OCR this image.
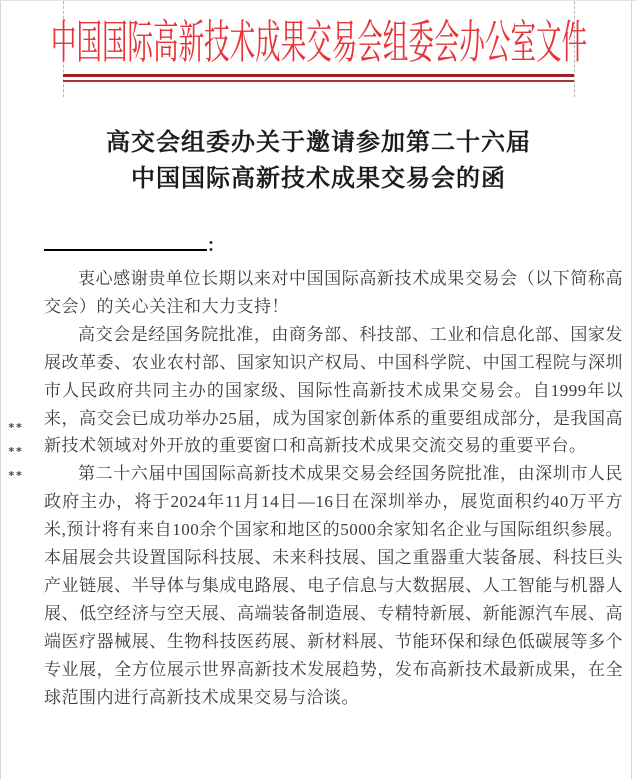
中国国际高新技术成果交易会组委会办公室文件
高交会组委办关于邀请参加第二十六届
中国国际高新技术成果交易会的函
：

衷心感谢贵单位长期以来对中国国际高新技术成果交易会（以下简称高交会）的关心关注和大力支持！

高交会是经国务院批准，由商务部、科技部、工业和信息化部、国家发展改革委、农业农村部、国家知识产权局、中国科学院、中国工程院与深圳市人民政府共同主办的国家级、国际性高新技术成果交易会。自1999年以来，高交会已成功举办25届，成为国家创新体系的重要组成部分，是我国高新技术领域对外开放的重要窗口和高新技术成果交流交易的重要平台。

第二十六届中国国际高新技术成果交易会经国务院批准，由深圳市人民政府主办，将于2024年11月14日—16日在深圳举办，展览面积约40万平方米,预计将有来自100余个国家和地区的5000余家知名企业与国际组织参展。本届展会共设置国际科技展、未来科技展、国之重器重大装备展、科技巨头产业链展、半导体与集成电路展、电子信息与大数据展、人工智能与机器人展、低空经济与空天展、高端装备制造展、专精特新展、新能源汽车展、高端医疗器械展、生物科技医药展、新材料展、节能环保和绿色低碳展等多个专业展，全方位展示世界高新技术发展趋势，发布高新技术最新成果，在全球范围内进行高新技术成果交易与洽谈。

**

**

**
